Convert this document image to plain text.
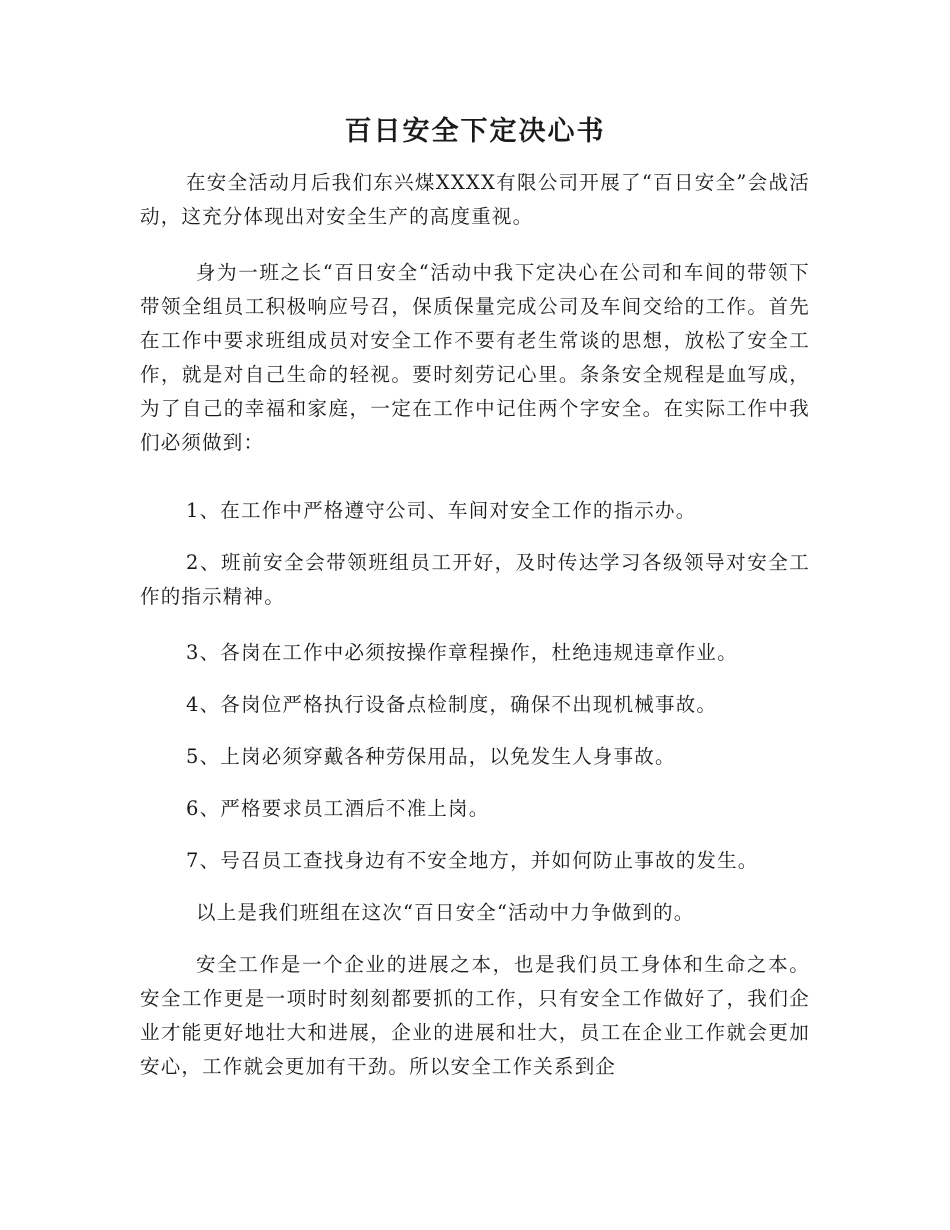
百日安全下定决心书

在安全活动月后我们东兴煤XXXX有限公司开展了“百日安全”会战活动，这充分体现出对安全生产的高度重视。

身为一班之长“百日安全“活动中我下定决心在公司和车间的带领下带领全组员工积极响应号召，保质保量完成公司及车间交给的工作。首先在工作中要求班组成员对安全工作不要有老生常谈的思想，放松了安全工作，就是对自己生命的轻视。要时刻劳记心里。条条安全规程是血写成，为了自己的幸福和家庭，一定在工作中记住两个字安全。在实际工作中我们必须做到：

1、在工作中严格遵守公司、车间对安全工作的指示办。

2、班前安全会带领班组员工开好，及时传达学习各级领导对安全工作的指示精神。

3、各岗在工作中必须按操作章程操作，杜绝违规违章作业。

4、各岗位严格执行设备点检制度，确保不出现机械事故。

5、上岗必须穿戴各种劳保用品，以免发生人身事故。

6、严格要求员工酒后不准上岗。

7、号召员工查找身边有不安全地方，并如何防止事故的发生。

以上是我们班组在这次“百日安全“活动中力争做到的。

安全工作是一个企业的进展之本，也是我们员工身体和生命之本。安全工作更是一项时时刻刻都要抓的工作，只有安全工作做好了，我们企业才能更好地壮大和进展，企业的进展和壮大，员工在企业工作就会更加安心，工作就会更加有干劲。所以安全工作关系到企
